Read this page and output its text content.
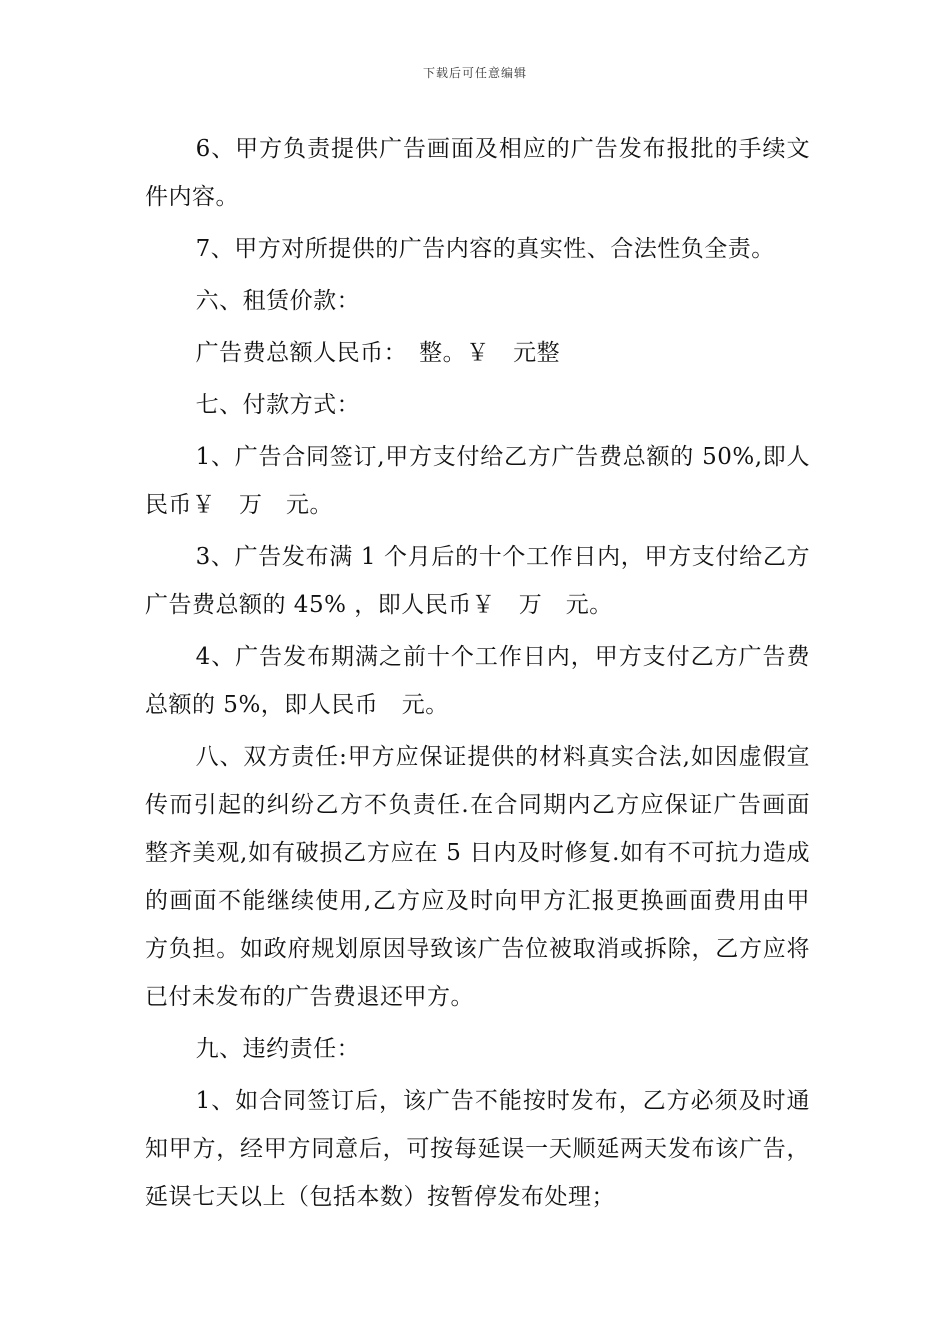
下载后可任意编辑

6、甲方负责提供广告画面及相应的广告发布报批的手续文件内容。

7、甲方对所提供的广告内容的真实性、合法性负全责。

六、租赁价款：

广告费总额人民币：　整。￥　元整

七、付款方式：

1、广告合同签订,甲方支付给乙方广告费总额的 50%,即人民币￥　万　元。

3、广告发布满 1 个月后的十个工作日内，甲方支付给乙方广告费总额的 45% ，即人民币￥　万　元。

4、广告发布期满之前十个工作日内，甲方支付乙方广告费总额的 5%，即人民币　元。

八、双方责任:甲方应保证提供的材料真实合法,如因虚假宣传而引起的纠纷乙方不负责任.在合同期内乙方应保证广告画面整齐美观,如有破损乙方应在 5 日内及时修复.如有不可抗力造成的画面不能继续使用,乙方应及时向甲方汇报更换画面费用由甲方负担。如政府规划原因导致该广告位被取消或拆除，乙方应将已付未发布的广告费退还甲方。

九、违约责任：

1、如合同签订后，该广告不能按时发布，乙方必须及时通知甲方，经甲方同意后，可按每延误一天顺延两天发布该广告，延误七天以上（包括本数）按暂停发布处理；
